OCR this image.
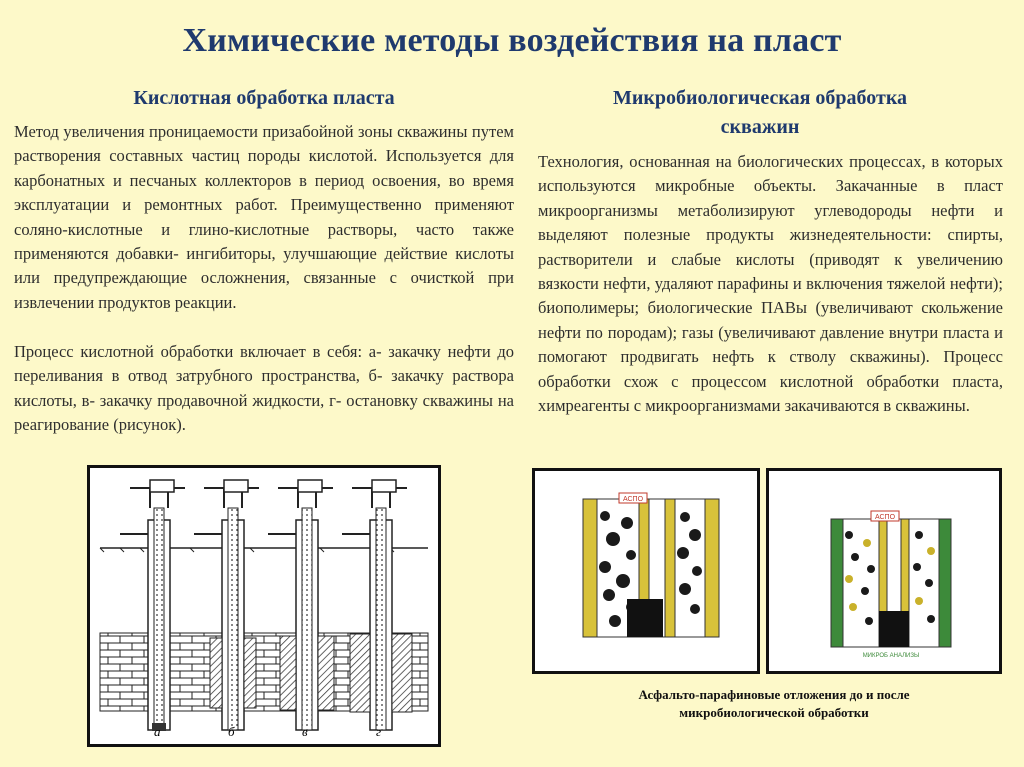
Химические методы воздействия на пласт
Кислотная обработка пласта

Метод увеличения проницаемости призабойной зоны скважины путем растворения составных частиц породы кислотой. Используется для карбонатных и песчаных коллекторов в период освоения, во время эксплуатации и ремонтных работ. Преимущественно применяют соляно-кислотные и глино-кислотные растворы, часто также применяются добавки- ингибиторы, улучшающие действие кислоты или предупреждающие осложнения, связанные с очисткой при извлечении продуктов реакции.

Процесс кислотной обработки включает в себя: а- закачку нефти до переливания в отвод затрубного пространства, б- закачку раствора кислоты, в- закачку продавочной жидкости, г- остановку скважины на реагирование (рисунок).

а	б	в	г
Микробиологическая обработка
скважин

Технология, основанная на биологических процессах, в которых используются микробные объекты. Закачанные в пласт микроорганизмы метаболизируют углеводороды нефти и выделяют полезные продукты жизнедеятельности: спирты, растворители и слабые кислоты (приводят к увеличению вязкости нефти, удаляют парафины и включения тяжелой нефти); биополимеры; биологические ПАВы (увеличивают скольжение нефти по породам); газы (увеличивают давление внутри пласта и помогают продвигать нефть к стволу скважины). Процесс обработки схож с процессом кислотной обработки пласта, химреагенты с микроорганизмами закачиваются в скважины.

АСПО
АСПО
МИКРОБ АНАЛИЗЫ
Асфальто-парафиновые отложения до и после
микробиологической обработки
